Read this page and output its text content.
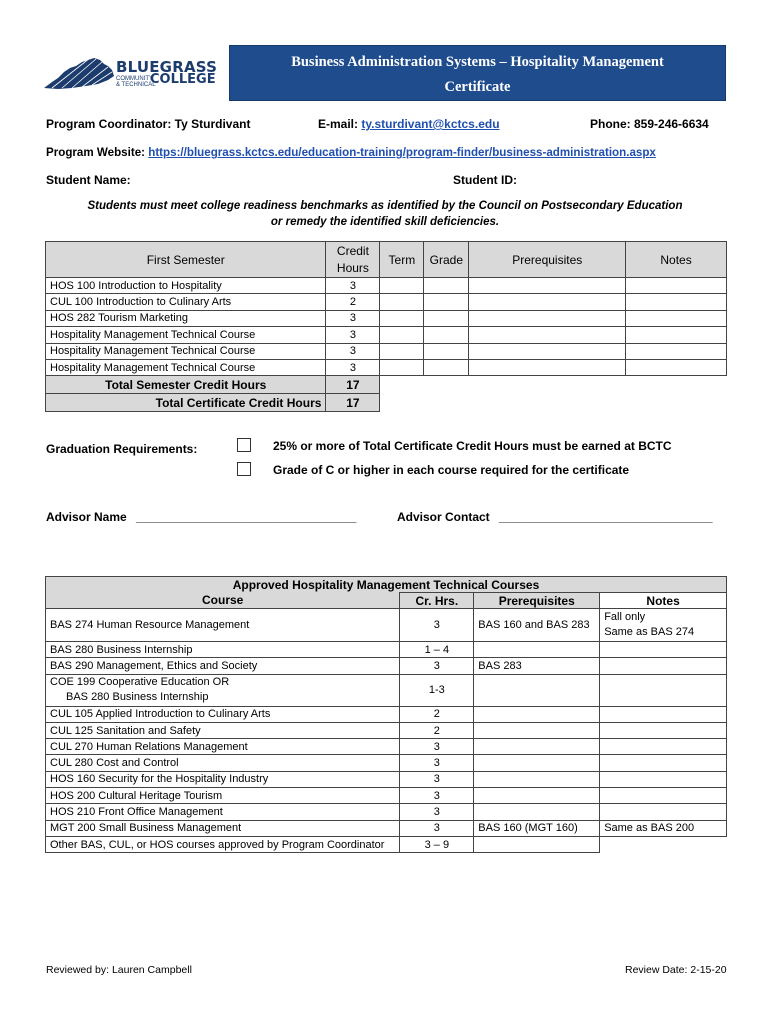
BLUEGRASS
COMMUNITY
& TECHNICAL
COLLEGE
Business Administration Systems – Hospitality Management
Certificate
Program Coordinator: Ty Sturdivant	E-mail: ty.sturdivant@kctcs.edu	Phone: 859-246-6634
Program Website: https://bluegrass.kctcs.edu/education-training/program-finder/business-administration.aspx
Student Name:	Student ID:
Students must meet college readiness benchmarks as identified by the Council on Postsecondary Education
or remedy the identified skill deficiencies.
First Semester	Credit
Hours	Term	Grade	Prerequisites	Notes
HOS 100 Introduction to Hospitality	3				
CUL 100 Introduction to Culinary Arts	2				
HOS 282 Tourism Marketing	3				
Hospitality Management Technical Course	3				
Hospitality Management Technical Course	3				
Hospitality Management Technical Course	3				
Total Semester Credit Hours	17				
Total Certificate Credit Hours	17				
Graduation Requirements:	25% or more of Total Certificate Credit Hours must be earned at BCTC
Grade of C or higher in each course required for the certificate
Advisor Name _________________________________	Advisor Contact ________________________________
Approved Hospitality Management Technical Courses			
Course	Cr. Hrs.	Prerequisites	Notes
BAS 274 Human Resource Management	3	BAS 160 and BAS 283	Fall only
Same as BAS 274

BAS 280 Business Internship	1 – 4		
BAS 290 Management, Ethics and Society	3	BAS 283	

COE 199 Cooperative Education OR
BAS 280 Business Internship	1-3		
CUL 105 Applied Introduction to Culinary Arts	2		
CUL 125 Sanitation and Safety	2		
CUL 270 Human Relations Management	3		
CUL 280 Cost and Control	3		
HOS 160 Security for the Hospitality Industry	3		
HOS 200 Cultural Heritage Tourism	3		
HOS 210 Front Office Management	3		
MGT 200 Small Business Management	3	BAS 160 (MGT 160)	Same as BAS 200
Other BAS, CUL, or HOS courses approved by Program Coordinator	3 – 9		
Reviewed by: Lauren Campbell	Review Date: 2-15-20
